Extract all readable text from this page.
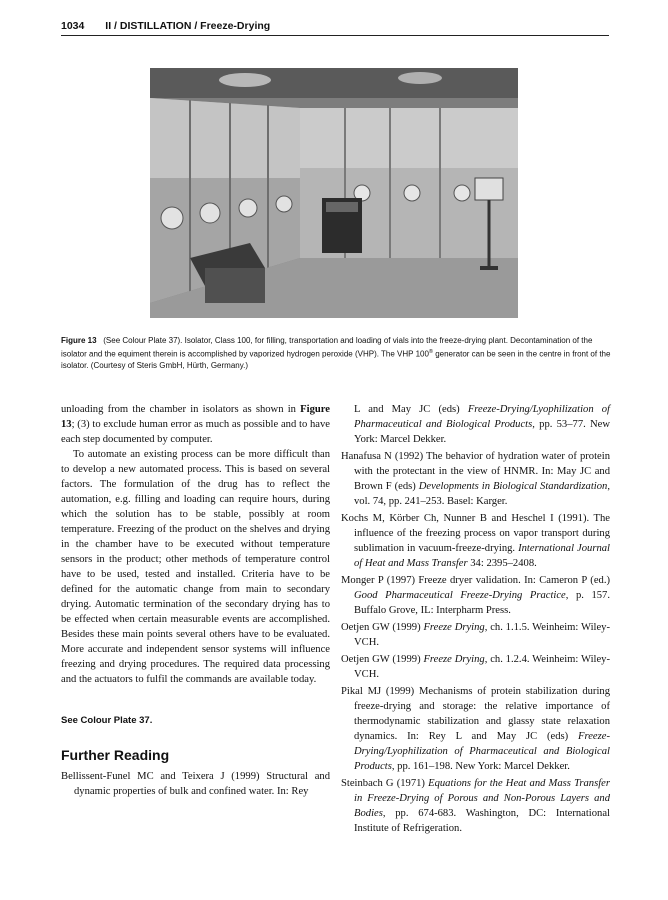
1034 II / DISTILLATION / Freeze-Drying
Figure 13 (See Colour Plate 37). Isolator, Class 100, for filling, transportation and loading of vials into the freeze-drying plant. Decontamination of the isolator and the equiment therein is accomplished by vaporized hydrogen peroxide (VHP). The VHP 100® generator can be seen in the centre in front of the isolator. (Courtesy of Steris GmbH, Hürth, Germany.)

unloading from the chamber in isolators as shown in Figure 13; (3) to exclude human error as much as possible and to have each step documented by computer.

To automate an existing process can be more difficult than to develop a new automated process. This is based on several factors. The formulation of the drug has to reflect the automation, e.g. filling and loading can require hours, during which the solution has to be stable, possibly at room temperature. Freezing of the product on the shelves and drying in the chamber have to be executed without temperature sensors in the product; other methods of temperature control have to be used, tested and installed. Criteria have to be defined for the automatic change from main to secondary drying. Automatic termination of the secondary drying has to be effected when certain measurable events are accomplished. Besides these main points several others have to be evaluated. More accurate and independent sensor systems will influence freezing and drying procedures. The required data processing and the actuators to fulfil the commands are available today.

See Colour Plate 37.
Further Reading

Bellissent-Funel MC and Teixera J (1999) Structural and dynamic properties of bulk and confined water. In: Rey

L and May JC (eds) Freeze-Drying/Lyophilization of Pharmaceutical and Biological Products, pp. 53–77. New York: Marcel Dekker.

Hanafusa N (1992) The behavior of hydration water of protein with the protectant in the view of HNMR. In: May JC and Brown F (eds) Developments in Biological Standardization, vol. 74, pp. 241–253. Basel: Karger.

Kochs M, Körber Ch, Nunner B and Heschel I (1991). The influence of the freezing process on vapor transport during sublimation in vacuum-freeze-drying. International Journal of Heat and Mass Transfer 34: 2395–2408.

Monger P (1997) Freeze dryer validation. In: Cameron P (ed.) Good Pharmaceutical Freeze-Drying Practice, p. 157. Buffalo Grove, IL: Interpharm Press.

Oetjen GW (1999) Freeze Drying, ch. 1.1.5. Weinheim: Wiley-VCH.

Oetjen GW (1999) Freeze Drying, ch. 1.2.4. Weinheim: Wiley-VCH.

Pikal MJ (1999) Mechanisms of protein stabilization during freeze-drying and storage: the relative importance of thermodynamic stabilization and glassy state relaxation dynamics. In: Rey L and May JC (eds) Freeze-Drying/Lyophilization of Pharmaceutical and Biological Products, pp. 161–198. New York: Marcel Dekker.

Steinbach G (1971) Equations for the Heat and Mass Transfer in Freeze-Drying of Porous and Non-Porous Layers and Bodies, pp. 674-683. Washington, DC: International Institute of Refrigeration.
